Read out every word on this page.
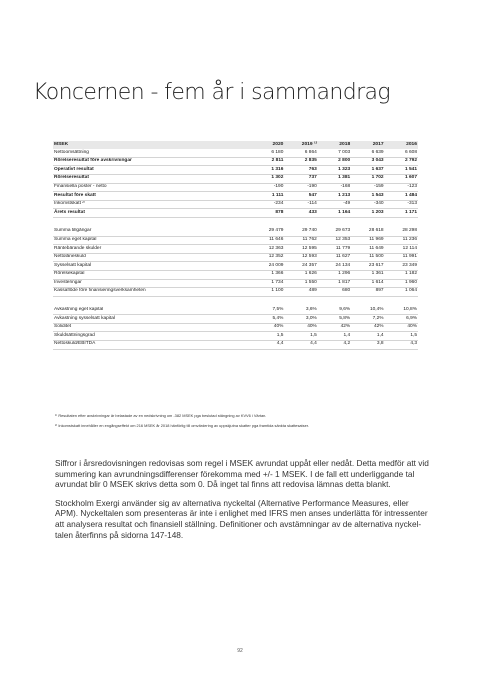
Koncernen - fem år i sammandrag
MSEK	2020	2019 ¹⁾	2018	2017	2016
Nettoomsättning	6 180	6 864	7 003	6 639	6 608
Rörelseresultat före avskrivningar	2 811	2 835	2 800	3 043	2 792
Operativt resultat	1 316	763	1 323	1 637	1 541
Rörelseresultat	1 302	737	1 381	1 702	1 607
Finansiella poster - netto	-190	-190	-168	-159	-123
Resultat före skatt	1 111	547	1 213	1 543	1 484
Inkomstskatt ²⁾	-234	-114	-49	-340	-313
Årets resultat	878	433	1 164	1 203	1 171

Summa tillgångar	29 479	29 740	29 673	28 618	28 298
Summa eget kapital	11 646	11 762	12 353	11 969	11 236
Räntebärande skulder	12 363	12 595	11 779	11 649	12 114
Nettolåneskuld	12 352	12 593	11 627	11 500	11 991
Sysselsatt kapital	24 009	24 357	24 134	23 617	23 349
Rörelsekapital	1 366	1 626	1 296	1 361	1 182
Investeringar	1 734	1 550	1 817	1 614	1 960
Kassaflöde före finansieringsverksamheten	1 100	489	680	897	1 064

Avkastning eget kapital	7,5%	3,6%	9,6%	10,4%	10,8%
Avkastning sysselsatt kapital	5,4%	3,0%	5,8%	7,2%	6,9%
Soliditet	40%	40%	42%	42%	40%
Skuldsättningsgrad	1,5	1,5	1,4	1,4	1,5
Nettoskuld/EBITDA	4,4	4,4	4,2	3,8	4,3

¹⁾ Resultaten efter avskrivningar är belastade av en nedskrivning om -382 MSEK pga beslutad stängning av KVV6 i Värtan.

²⁾ Inkomstskatt innehåller en engångseffekt om 216 MSEK år 2018 hänförlig till omvärdering av uppskjutna skatter pga framtida sänkta skattesatser.

Siffror i årsredovisningen redovisas som regel i MSEK avrundat uppåt eller nedåt. Detta medför att vid summering kan avrundningsdifferenser förekomma med +/- 1 MSEK. I de fall ett underliggande tal avrundat blir 0 MSEK skrivs detta som 0. Då inget tal finns att redovisa lämnas detta blankt.

Stockholm Exergi använder sig av alternativa nyckeltal (Alternative Performance Measures, eller APM). Nyckeltalen som presenteras är inte i enlighet med IFRS men anses underlätta för intressenter att analysera resultat och finansiell ställning. Definitioner och avstämningar av de alternativa nyckel-talen återfinns på sidorna 147-148.

92
